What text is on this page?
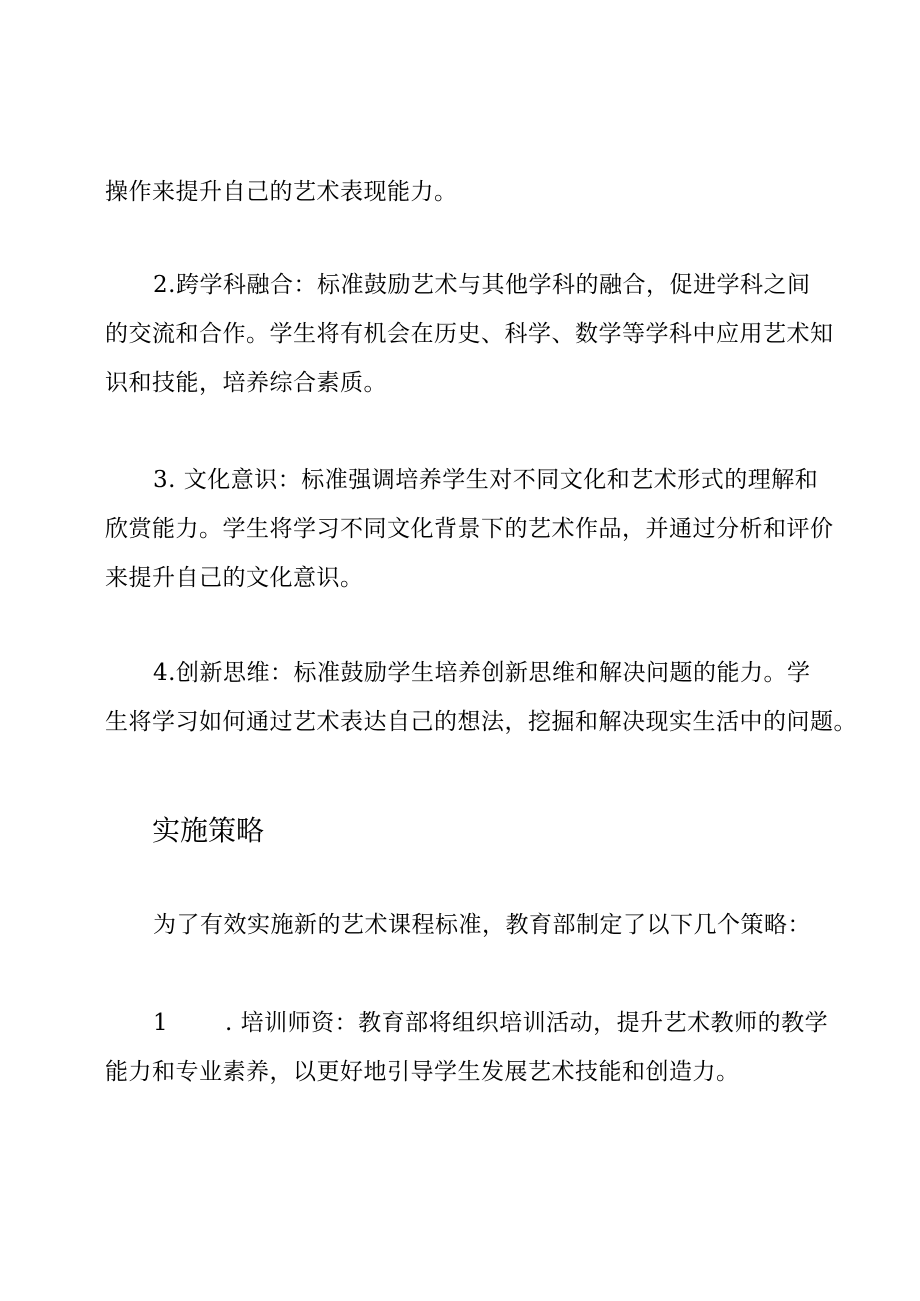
操作来提升自己的艺术表现能力。

2.跨学科融合：标准鼓励艺术与其他学科的融合，促进学科之间
的交流和合作。学生将有机会在历史、科学、数学等学科中应用艺术知
识和技能，培养综合素质。

3. 文化意识：标准强调培养学生对不同文化和艺术形式的理解和
欣赏能力。学生将学习不同文化背景下的艺术作品，并通过分析和评价
来提升自己的文化意识。

4.创新思维：标准鼓励学生培养创新思维和解决问题的能力。学
生将学习如何通过艺术表达自己的想法，挖掘和解决现实生活中的问题。

实施策略

为了有效实施新的艺术课程标准，教育部制定了以下几个策略：

1 . 培训师资：教育部将组织培训活动，提升艺术教师的教学
能力和专业素养，以更好地引导学生发展艺术技能和创造力。
